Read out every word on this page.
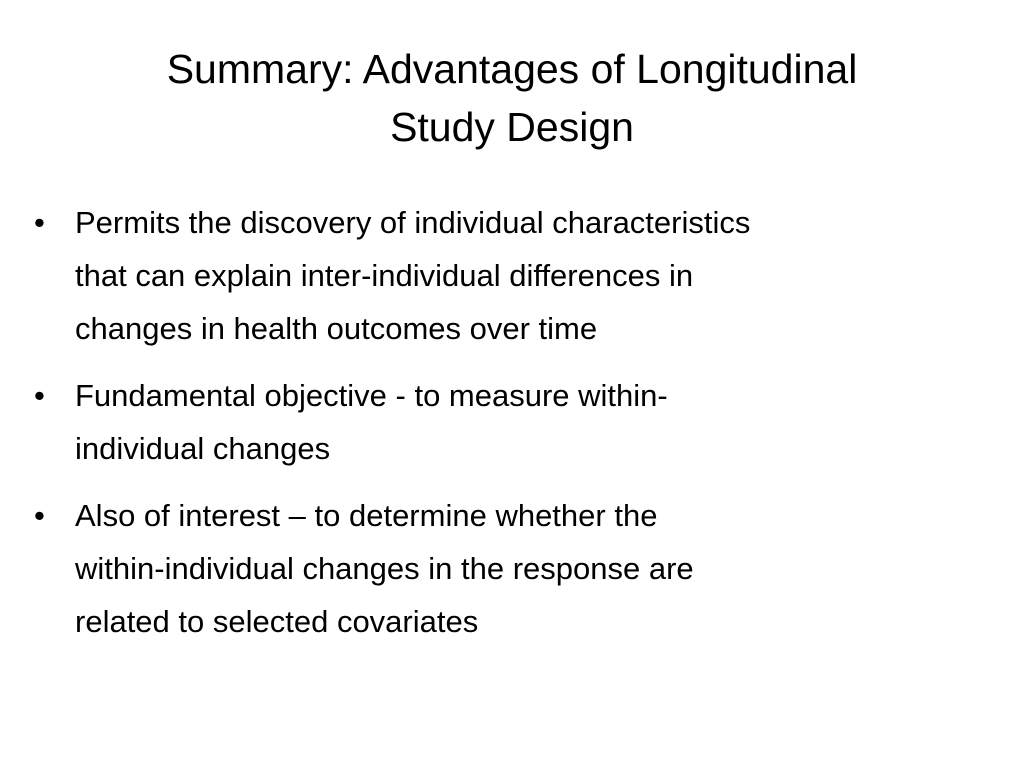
Summary: Advantages of Longitudinal
Study Design
• Permits the discovery of individual characteristics
that can explain inter-individual differences in
changes in health outcomes over time
• Fundamental objective - to measure within-
individual changes
• Also of interest – to determine whether the
within-individual changes in the response are
related to selected covariates
